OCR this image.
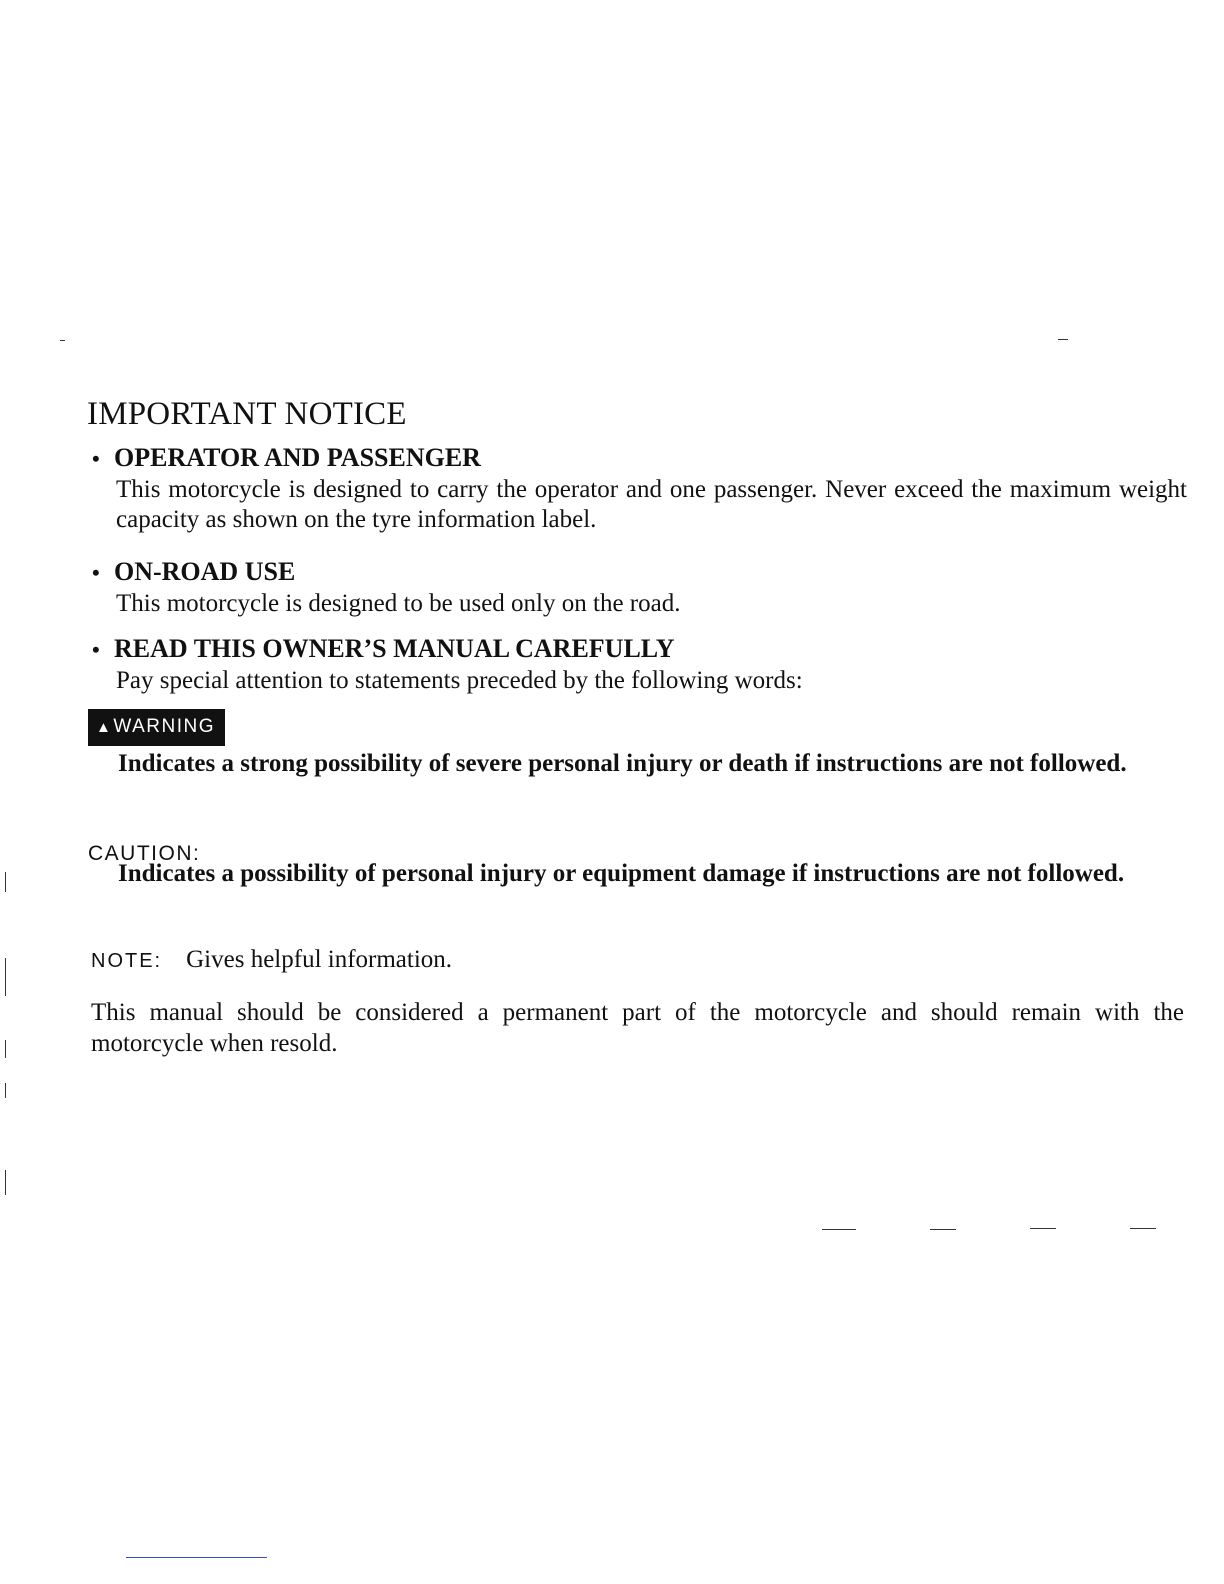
IMPORTANT NOTICE

• OPERATOR AND PASSENGER

This motorcycle is designed to carry the operator and one passenger. Never exceed the maximum weight capacity as shown on the tyre information label.

• ON-ROAD USE

This motorcycle is designed to be used only on the road.

• READ THIS OWNER’S MANUAL CAREFULLY

Pay special attention to statements preceded by the following words:

▲WARNING

Indicates a strong possibility of severe personal injury or death if instructions are not followed.

CAUTION:

Indicates a possibility of personal injury or equipment damage if instructions are not followed.

NOTE: Gives helpful information.

This manual should be considered a permanent part of the motorcycle and should remain with the motorcycle when resold.
